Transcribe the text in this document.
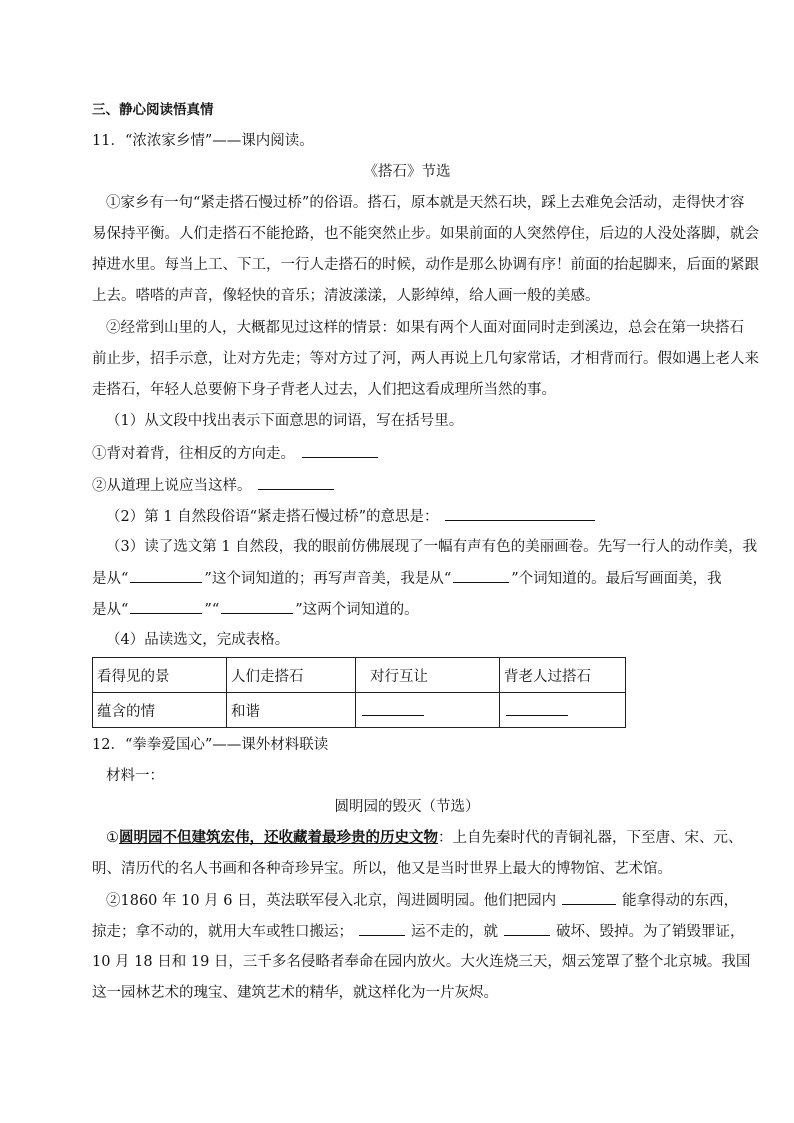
三、静心阅读悟真情
11．“浓浓家乡情”——课内阅读。
《搭石》节选
①家乡有一句“紧走搭石慢过桥”的俗语。搭石，原本就是天然石块，踩上去难免会活动，走得快才容
易保持平衡。人们走搭石不能抢路，也不能突然止步。如果前面的人突然停住，后边的人没处落脚，就会
掉进水里。每当上工、下工，一行人走搭石的时候，动作是那么协调有序！前面的抬起脚来，后面的紧跟
上去。嗒嗒的声音，像轻快的音乐；清波漾漾，人影绰绰，给人画一般的美感。
②经常到山里的人，大概都见过这样的情景：如果有两个人面对面同时走到溪边，总会在第一块搭石
前止步，招手示意，让对方先走；等对方过了河，两人再说上几句家常话，才相背而行。假如遇上老人来
走搭石，年轻人总要俯下身子背老人过去，人们把这看成理所当然的事。
（1）从文段中找出表示下面意思的词语，写在括号里。
①背对着背，往相反的方向走。
②从道理上说应当这样。
（2）第 1 自然段俗语“紧走搭石慢过桥”的意思是：
（3）读了选文第 1 自然段，我的眼前仿佛展现了一幅有声有色的美丽画卷。先写一行人的动作美，我
是从“	”这个词知道的；再写声音美，我是从“	”个词知道的。最后写画面美，我
是从“	”“	”这两个词知道的。
（4）品读选文，完成表格。
看得见的景	人们走搭石	对行互让	背老人过搭石
蕴含的情	和谐		
12．“拳拳爱国心”——课外材料联读
材料一：
圆明园的毁灭（节选）
①圆明园不但建筑宏伟，还收藏着最珍贵的历史文物：上自先秦时代的青铜礼器，下至唐、宋、元、
明、清历代的名人书画和各种奇珍异宝。所以，他又是当时世界上最大的博物馆、艺术馆。
②1860 年 10 月 6 日，英法联军侵入北京，闯进圆明园。他们把园内	能拿得动的东西，
掠走；拿不动的，就用大车或牲口搬运；	运不走的，就	破坏、毁掉。为了销毁罪证，
10 月 18 日和 19 日，三千多名侵略者奉命在园内放火。大火连烧三天，烟云笼罩了整个北京城。我国
这一园林艺术的瑰宝、建筑艺术的精华，就这样化为一片灰烬。
